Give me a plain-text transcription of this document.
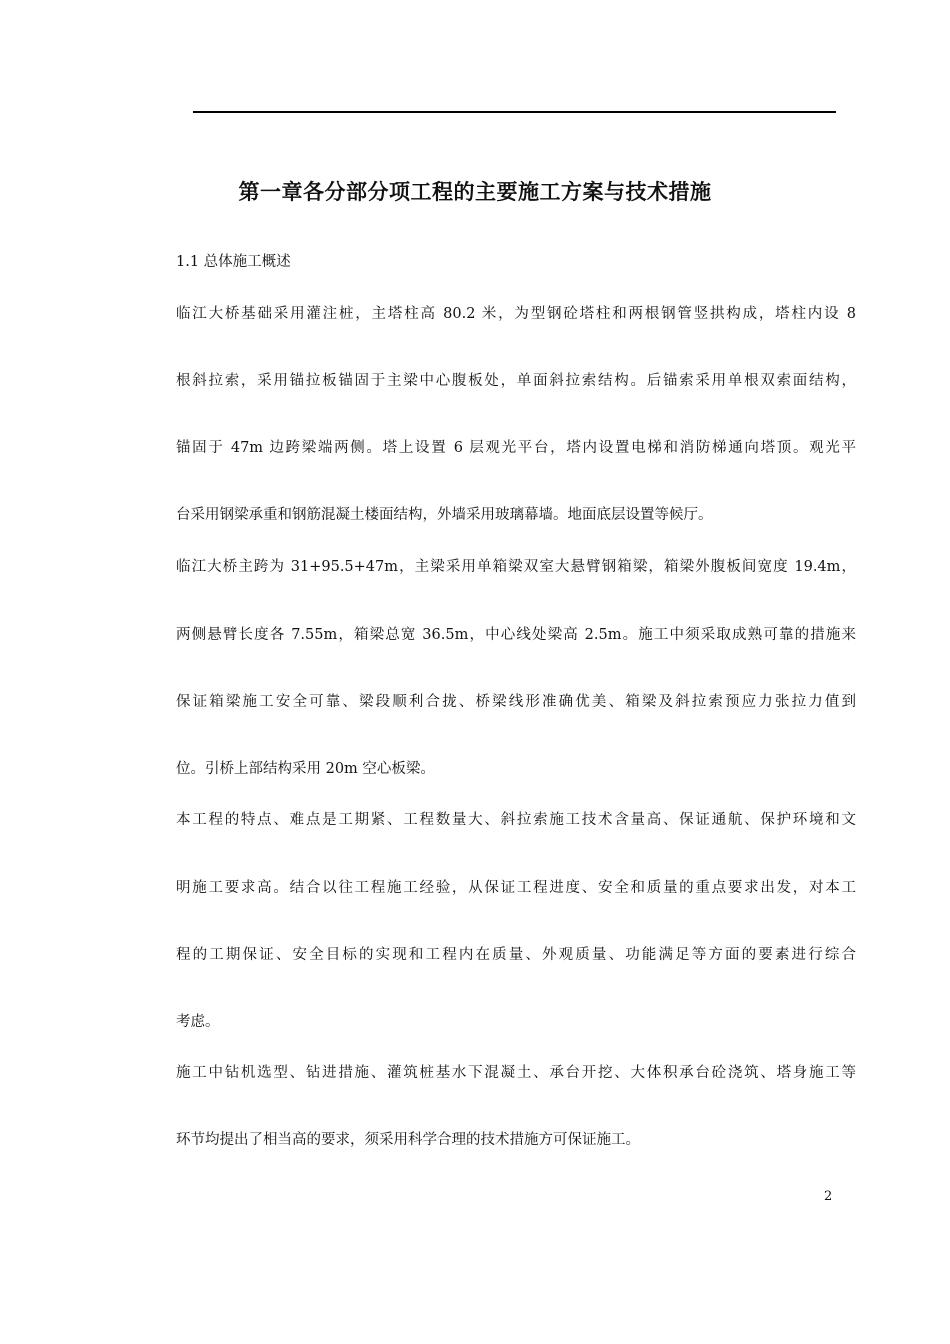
第一章各分部分项工程的主要施工方案与技术措施
1.1 总体施工概述
临江大桥基础采用灌注桩，主塔柱高 80.2 米，为型钢砼塔柱和两根钢管竖拱构成，塔柱内设 8
根斜拉索，采用锚拉板锚固于主梁中心腹板处，单面斜拉索结构。后锚索采用单根双索面结构，
锚固于 47m 边跨梁端两侧。塔上设置 6 层观光平台，塔内设置电梯和消防梯通向塔顶。观光平
台采用钢梁承重和钢筋混凝土楼面结构，外墙采用玻璃幕墙。地面底层设置等候厅。
临江大桥主跨为 31+95.5+47m，主梁采用单箱梁双室大悬臂钢箱梁，箱梁外腹板间宽度 19.4m，
两侧悬臂长度各 7.55m，箱梁总宽 36.5m，中心线处梁高 2.5m。施工中须采取成熟可靠的措施来
保证箱梁施工安全可靠、梁段顺利合拢、桥梁线形准确优美、箱梁及斜拉索预应力张拉力值到
位。引桥上部结构采用 20m 空心板梁。
本工程的特点、难点是工期紧、工程数量大、斜拉索施工技术含量高、保证通航、保护环境和文
明施工要求高。结合以往工程施工经验，从保证工程进度、安全和质量的重点要求出发，对本工
程的工期保证、安全目标的实现和工程内在质量、外观质量、功能满足等方面的要素进行综合
考虑。
施工中钻机选型、钻进措施、灌筑桩基水下混凝土、承台开挖、大体积承台砼浇筑、塔身施工等
环节均提出了相当高的要求，须采用科学合理的技术措施方可保证施工。
2
